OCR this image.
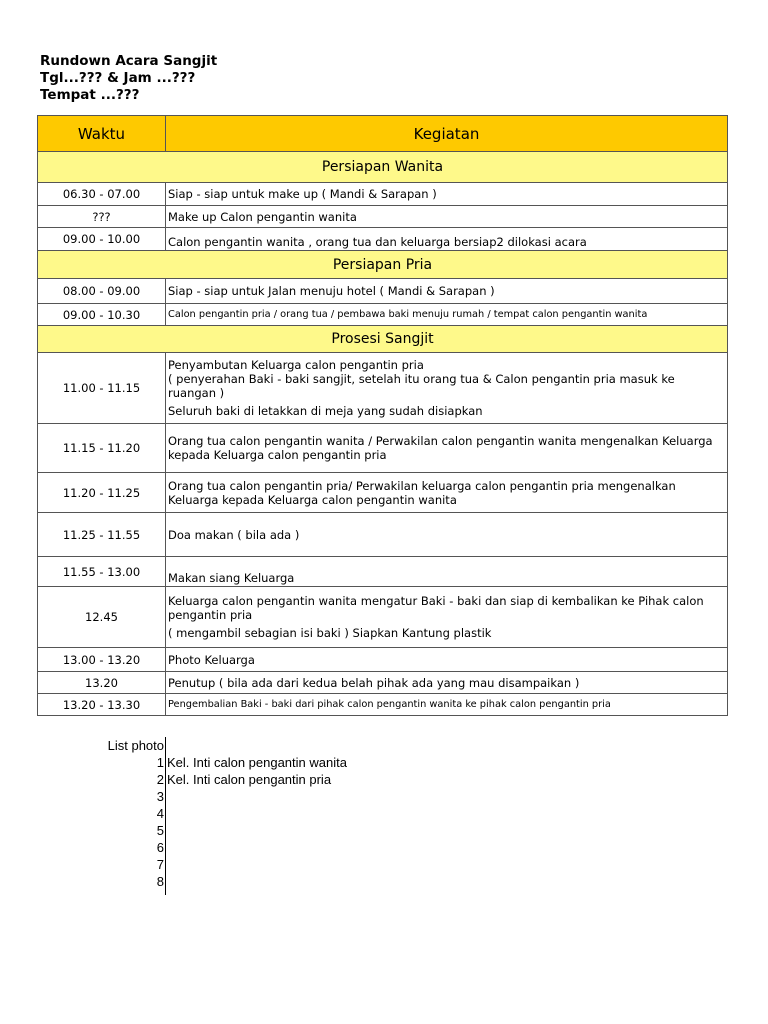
Rundown Acara Sangjit
Tgl...??? & Jam ...???
Tempat ...???
Waktu	Kegiatan
Persiapan Wanita	
06.30 - 07.00	Siap - siap untuk make up ( Mandi & Sarapan )

???	Make up Calon pengantin wanita

09.00 - 10.00	Calon pengantin wanita , orang tua dan keluarga bersiap2 dilokasi acara

Persiapan Pria	
08.00 - 09.00	Siap - siap untuk Jalan menuju hotel ( Mandi & Sarapan )

09.00 - 10.30	Calon pengantin pria / orang tua / pembawa baki menuju rumah / tempat calon pengantin wanita

Prosesi Sangjit	
11.00 - 11.15	Penyambutan Keluarga calon pengantin pria
( penyerahan Baki - baki sangjit, setelah itu orang tua & Calon pengantin pria masuk ke ruangan )
Seluruh baki di letakkan di meja yang sudah disiapkan

11.15 - 11.20	Orang tua calon pengantin wanita / Perwakilan calon pengantin wanita mengenalkan Keluarga kepada Keluarga calon pengantin pria

11.20 - 11.25	Orang tua calon pengantin pria/ Perwakilan keluarga calon pengantin pria mengenalkan Keluarga kepada Keluarga calon pengantin wanita

11.25 - 11.55	Doa makan ( bila ada )

11.55 - 13.00	Makan siang Keluarga

12.45	Keluarga calon pengantin wanita mengatur Baki - baki dan siap di kembalikan ke Pihak calon pengantin pria
( mengambil sebagian isi baki ) Siapkan Kantung plastik

13.00 - 13.20	Photo Keluarga

13.20	Penutup ( bila ada dari kedua belah pihak ada yang mau disampaikan )

13.20 - 13.30	Pengembalian Baki - baki dari pihak calon pengantin wanita ke pihak calon pengantin pria
List photo
1 Kel. Inti calon pengantin wanita
2 Kel. Inti calon pengantin pria
3
4
5
6
7
8
